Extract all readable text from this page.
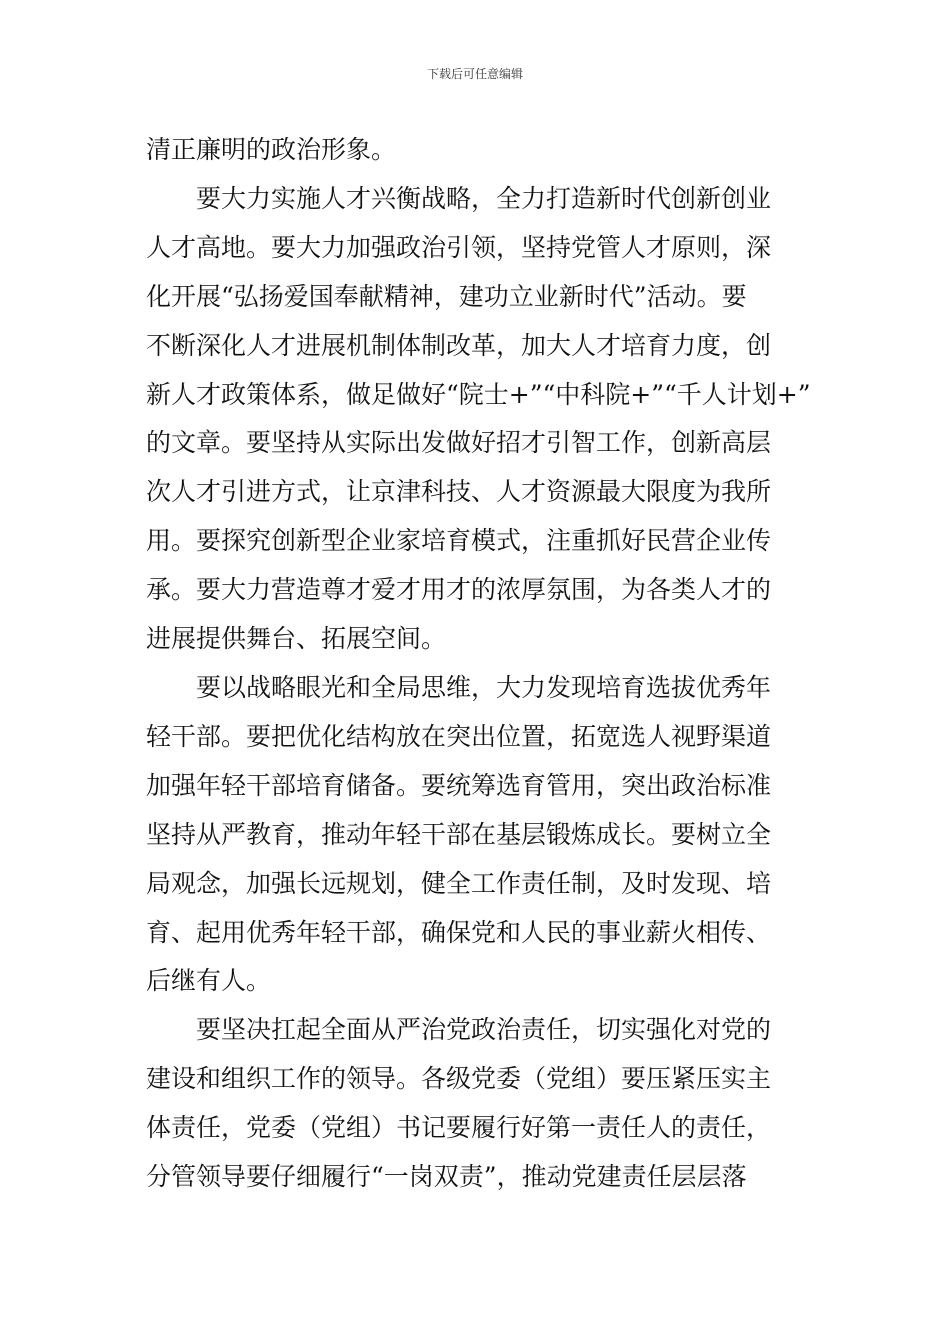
下载后可任意编辑
清正廉明的政治形象。
要大力实施人才兴衡战略，全力打造新时代创新创业
人才高地。要大力加强政治引领，坚持党管人才原则，深
化开展“弘扬爱国奉献精神，建功立业新时代”活动。要
不断深化人才进展机制体制改革，加大人才培育力度，创
新人才政策体系，做足做好“院士+”“中科院+”“千人计划+”
的文章。要坚持从实际出发做好招才引智工作，创新高层
次人才引进方式，让京津科技、人才资源最大限度为我所
用。要探究创新型企业家培育模式，注重抓好民营企业传
承。要大力营造尊才爱才用才的浓厚氛围，为各类人才的
进展提供舞台、拓展空间。
要以战略眼光和全局思维，大力发现培育选拔优秀年
轻干部。要把优化结构放在突出位置，拓宽选人视野渠道
加强年轻干部培育储备。要统筹选育管用，突出政治标准
坚持从严教育，推动年轻干部在基层锻炼成长。要树立全
局观念，加强长远规划，健全工作责任制，及时发现、培
育、起用优秀年轻干部，确保党和人民的事业薪火相传、
后继有人。
要坚决扛起全面从严治党政治责任，切实强化对党的
建设和组织工作的领导。各级党委（党组）要压紧压实主
体责任，党委（党组）书记要履行好第一责任人的责任，
分管领导要仔细履行“一岗双责”，推动党建责任层层落
